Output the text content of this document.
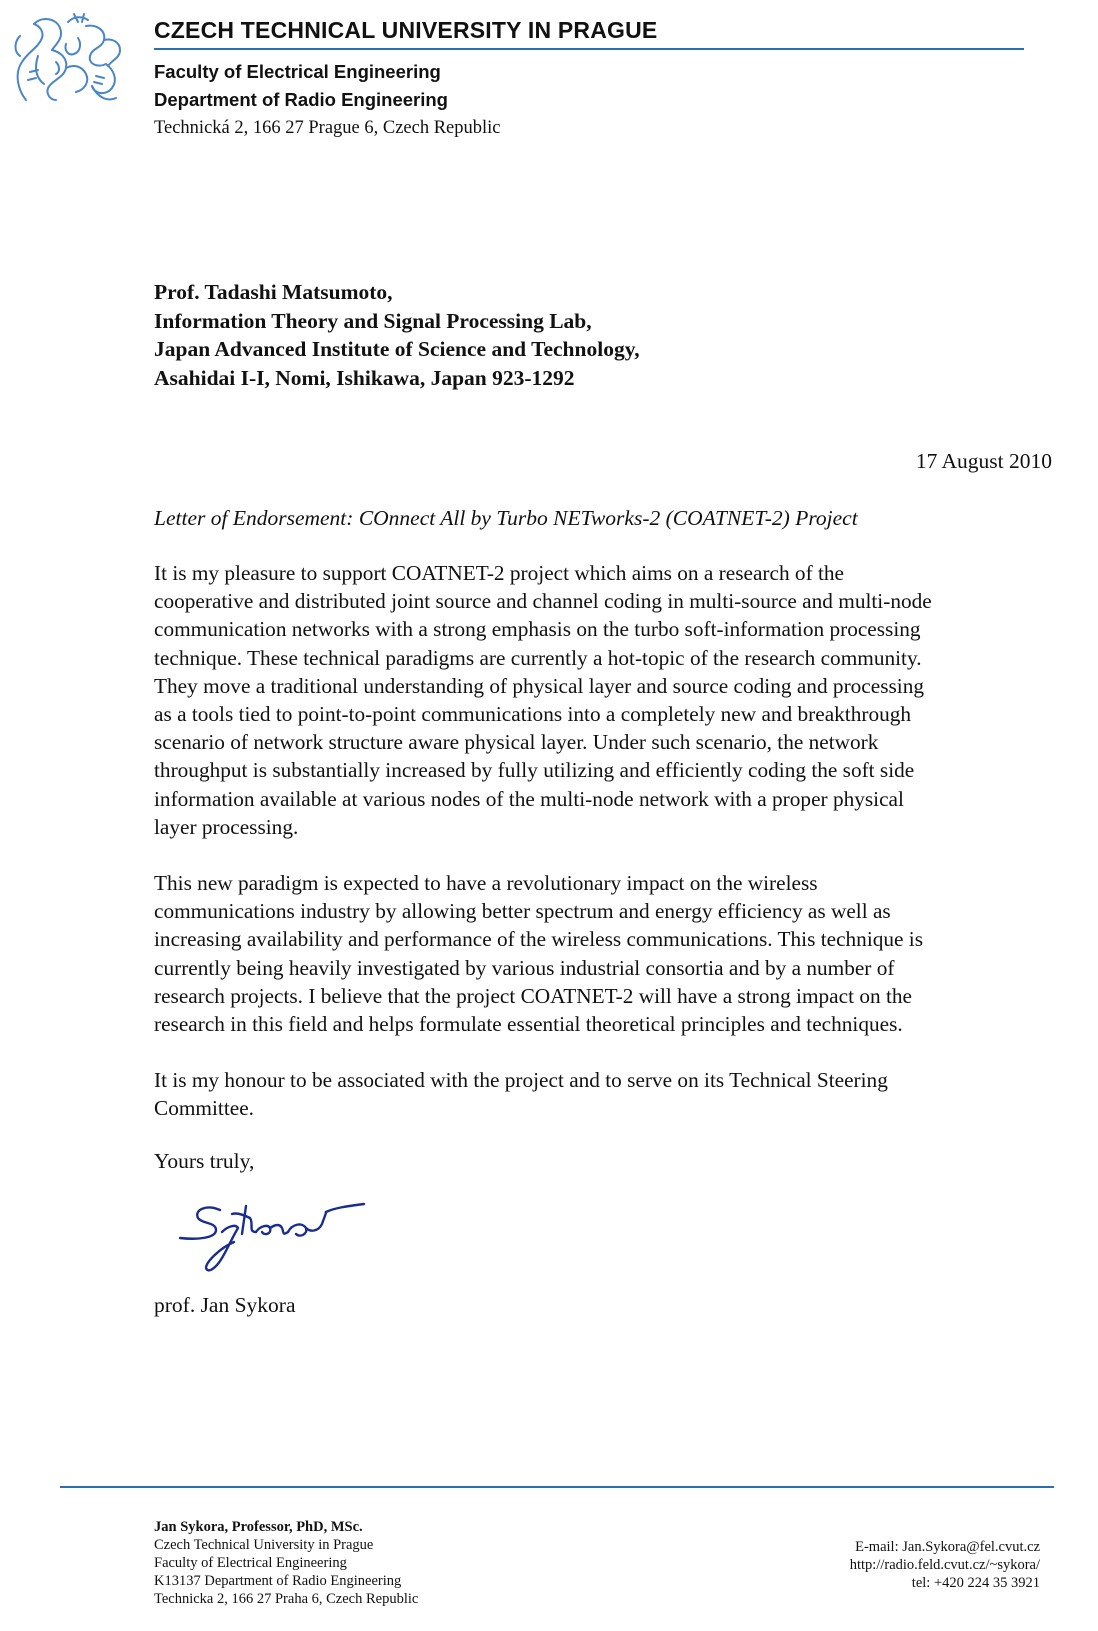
CZECH TECHNICAL UNIVERSITY IN PRAGUE
Faculty of Electrical Engineering
Department of Radio Engineering
Technická 2, 166 27 Prague 6, Czech Republic
Prof. Tadashi Matsumoto,
Information Theory and Signal Processing Lab,
Japan Advanced Institute of Science and Technology,
Asahidai I-I, Nomi, Ishikawa, Japan 923-1292
17 August 2010
Letter of Endorsement: COnnect All by Turbo NETworks-2 (COATNET-2) Project

It is my pleasure to support COATNET-2 project which aims on a research of the
cooperative and distributed joint source and channel coding in multi-source and multi-node
communication networks with a strong emphasis on the turbo soft-information processing
technique. These technical paradigms are currently a hot-topic of the research community.
They move a traditional understanding of physical layer and source coding and processing
as a tools tied to point-to-point communications into a completely new and breakthrough
scenario of network structure aware physical layer. Under such scenario, the network
throughput is substantially increased by fully utilizing and efficiently coding the soft side
information available at various nodes of the multi-node network with a proper physical
layer processing.

This new paradigm is expected to have a revolutionary impact on the wireless
communications industry by allowing better spectrum and energy efficiency as well as
increasing availability and performance of the wireless communications. This technique is
currently being heavily investigated by various industrial consortia and by a number of
research projects. I believe that the project COATNET-2 will have a strong impact on the
research in this field and helps formulate essential theoretical principles and techniques.

It is my honour to be associated with the project and to serve on its Technical Steering
Committee.

Yours truly,
prof. Jan Sykora
Jan Sykora, Professor, PhD, MSc.
Czech Technical University in Prague
Faculty of Electrical Engineering
K13137 Department of Radio Engineering
Technicka 2, 166 27 Praha 6, Czech Republic
E-mail: Jan.Sykora@fel.cvut.cz
http://radio.feld.cvut.cz/~sykora/
tel: +420 224 35 3921
